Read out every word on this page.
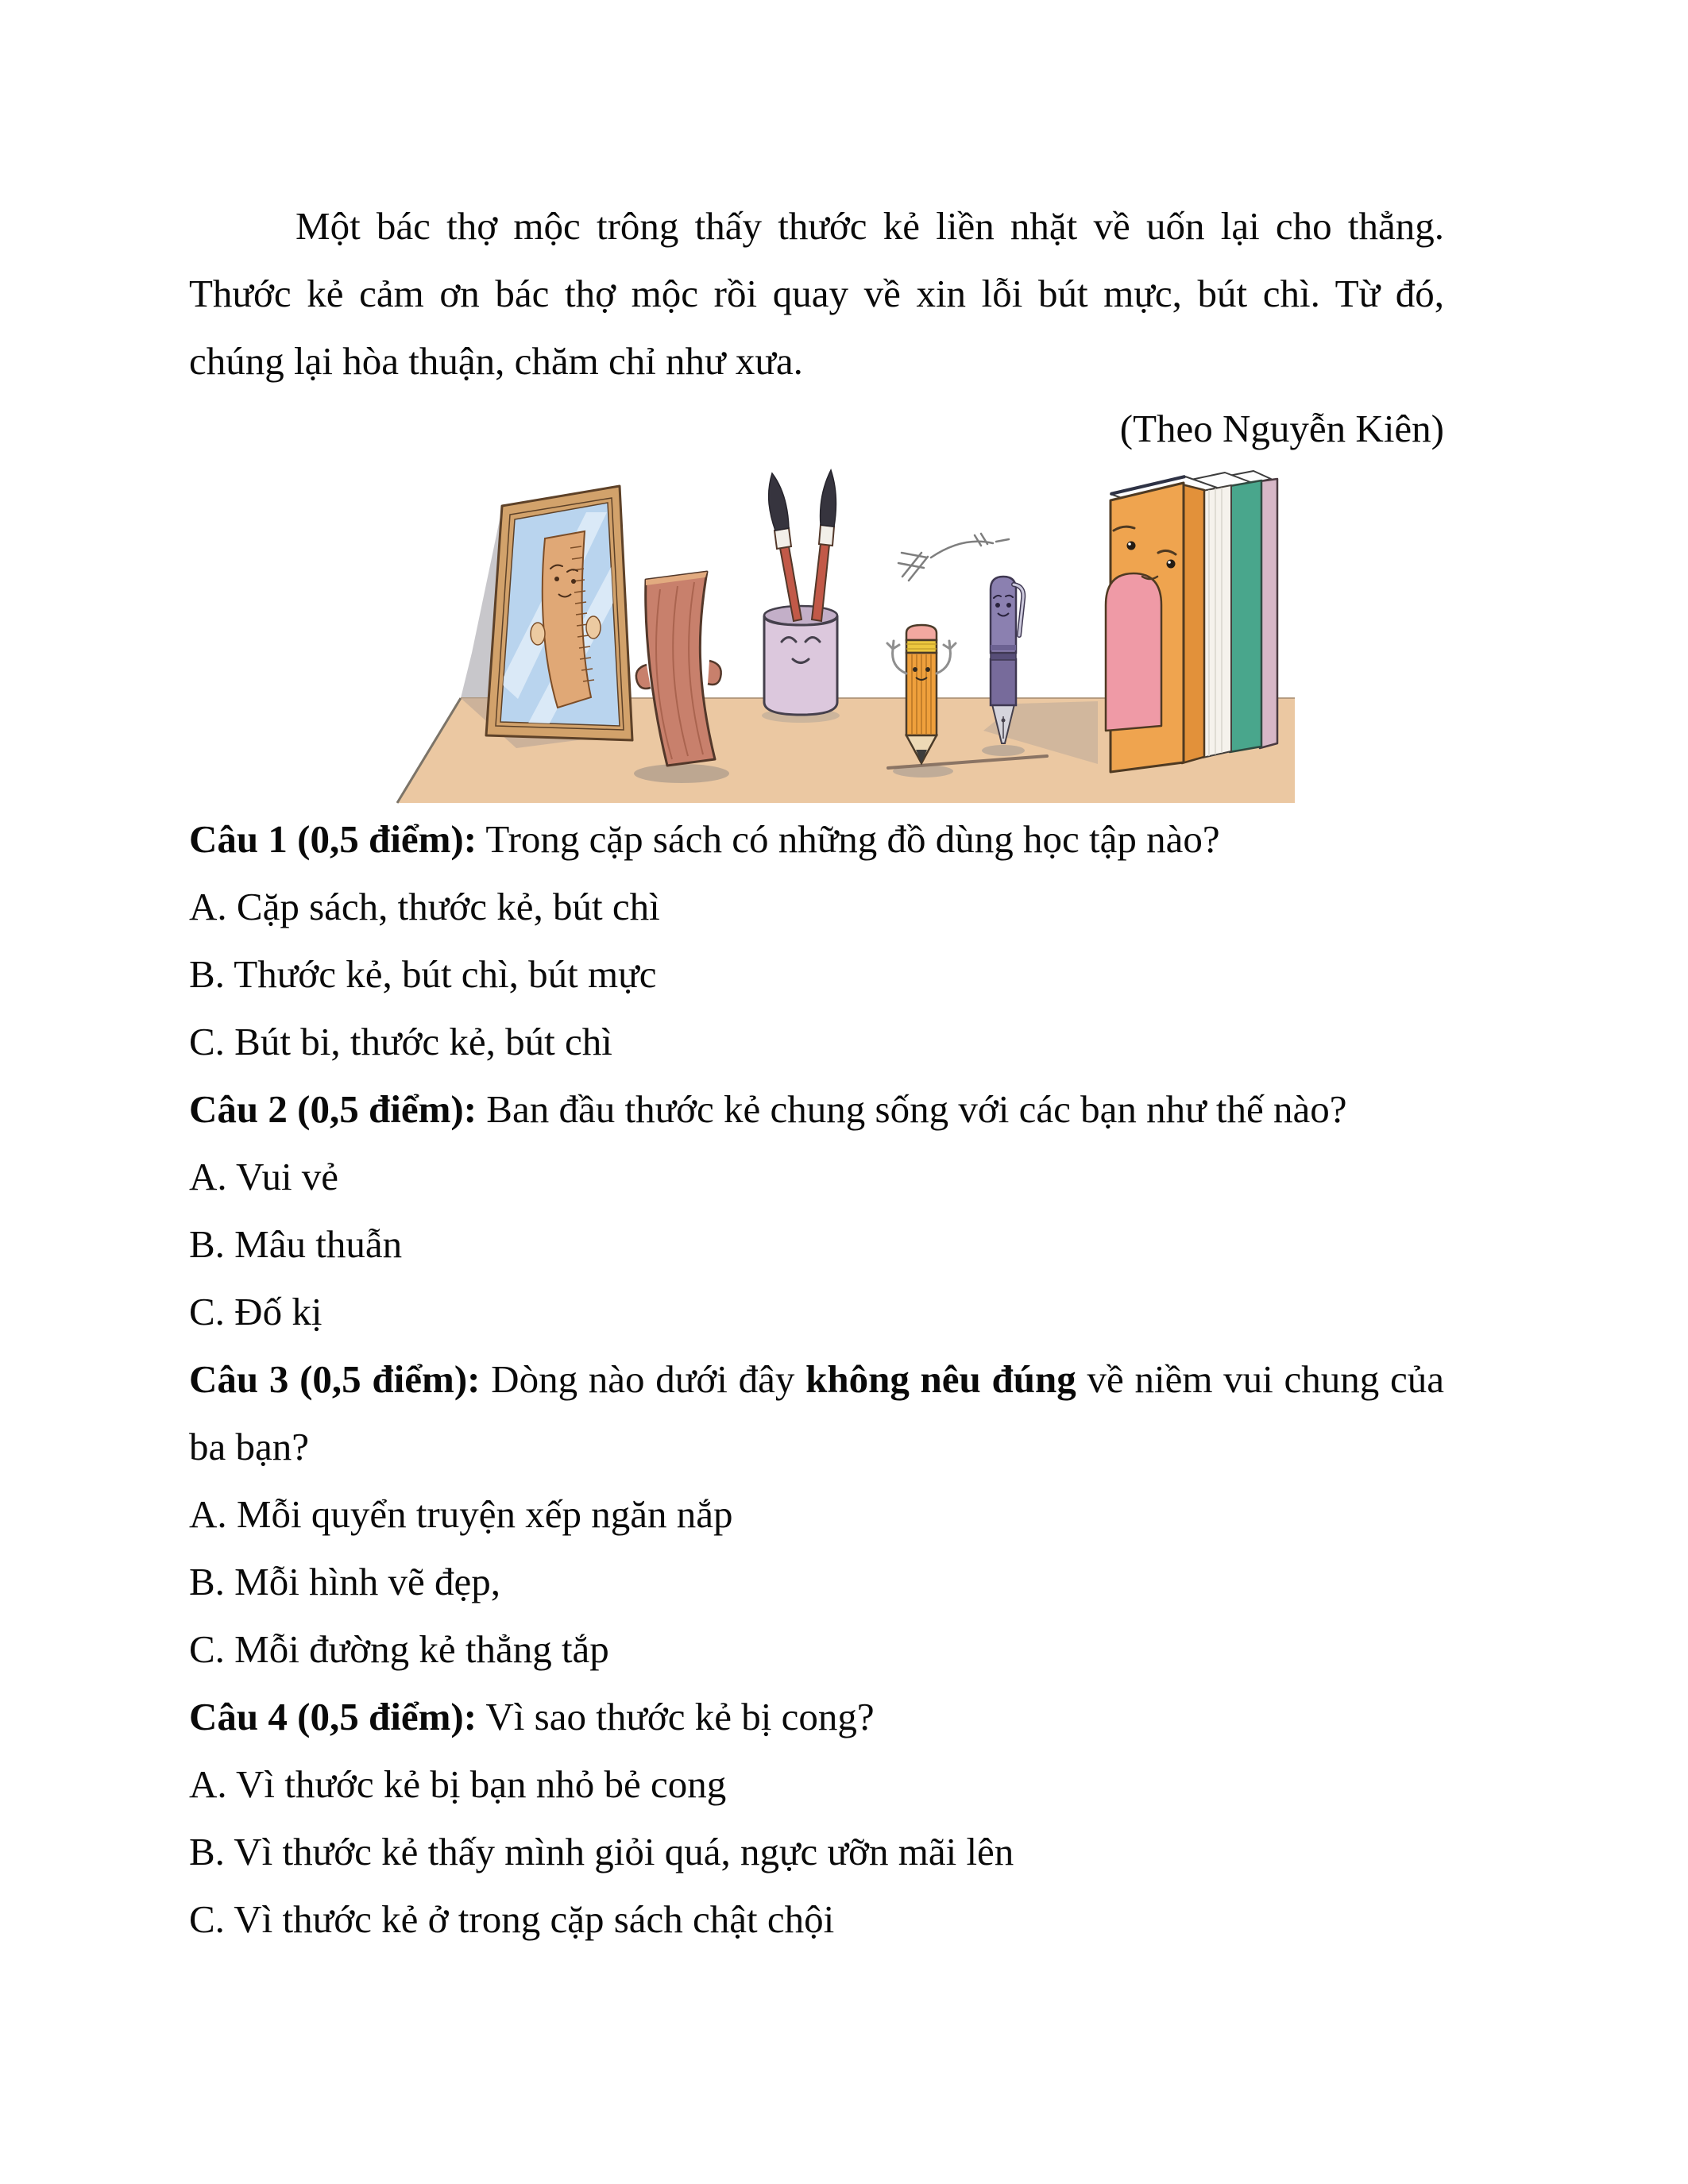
Một bác thợ mộc trông thấy thước kẻ liền nhặt về uốn lại cho thẳng. Thước kẻ cảm ơn bác thợ mộc rồi quay về xin lỗi bút mực, bút chì. Từ đó, chúng lại hòa thuận, chăm chỉ như xưa.

(Theo Nguyễn Kiên)

Câu 1 (0,5 điểm): Trong cặp sách có những đồ dùng học tập nào?

A. Cặp sách, thước kẻ, bút chì

B. Thước kẻ, bút chì, bút mực

C. Bút bi, thước kẻ, bút chì

Câu 2 (0,5 điểm): Ban đầu thước kẻ chung sống với các bạn như thế nào?

A. Vui vẻ

B. Mâu thuẫn

C. Đố kị

Câu 3 (0,5 điểm): Dòng nào dưới đây không nêu đúng về niềm vui chung của ba bạn?

A. Mỗi quyển truyện xếp ngăn nắp

B. Mỗi hình vẽ đẹp,

C. Mỗi đường kẻ thẳng tắp

Câu 4 (0,5 điểm): Vì sao thước kẻ bị cong?

A. Vì thước kẻ bị bạn nhỏ bẻ cong

B. Vì thước kẻ thấy mình giỏi quá, ngực ưỡn mãi lên

C. Vì thước kẻ ở trong cặp sách chật chội
